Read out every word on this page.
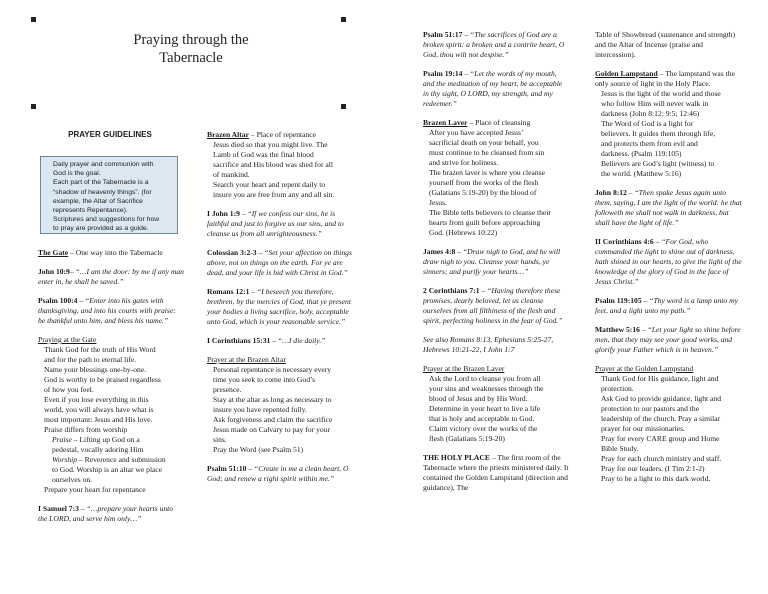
Praying through the
Tabernacle
PRAYER GUIDELINES
Daily prayer and communion with
God is the goal.
Each part of the Tabernacle is a
“shadow of heavenly things”. (for
example, the Altar of Sacrifice
represents Repentance).
Scriptures and suggestions for how
to pray are provided as a guide.

The Gate – One way into the Tabernacle

John 10:9– “…I am the door: by me if any man enter in, he shall be saved.”

Psalm 100:4 – “Enter into his gates with thanksgiving, and into his courts with praise: be thankful unto him, and bless his name.”

Praying at the Gate

Thank God for the truth of His Word
and for the path to eternal life.
Name your blessings one-by-one.
God is worthy to be praised regardless
of how you feel.
Even if you lose everything in this
world, you will always have what is
most important: Jesus and His love.
Praise differs from worship
Praise – Lifting up God on a
pedestal, vocally adoring Him
Worship – Reverence and submission
to God. Worship is an altar we place
ourselves on.
Prepare your heart for repentance

I Samuel 7:3 – “…prepare your hearts unto the LORD, and serve him only…”

Brazen Altar – Place of repentance

Jesus died so that you might live. The
Lamb of God was the final blood
sacrifice and His blood was shed for all
of mankind.
Search your heart and repent daily to
insure you are free from any and all sin.

I John 1:9 – “If we confess our sins, he is faithful and just to forgive us our sins, and to cleanse us from all unrighteousness.”

Colossian 3:2-3 – “Set your affection on things above, not on things on the earth. For ye are dead, and your life is hid with Christ in God.”

Romans 12:1 – “I beseech you therefore, brethren, by the mercies of God, that ye present your bodies a living sacrifice, holy, acceptable unto God, which is your reasonable service.”

I Corinthians 15:31 – “…I die daily.”

Prayer at the Brazen Altar

Personal repentance is necessary every
time you seek to come into God’s
presence.
Stay at the altar as long as necessary to
insure you have repented fully.
Ask forgiveness and claim the sacrifice
Jesus made on Calvary to pay for your
sins.
Pray the Word (see Psalm 51)

Psalm 51:10 – “Create in me a clean heart, O God; and renew a right spirit within me.”

Psalm 51:17 – “The sacrifices of God are a broken spirit: a broken and a contrite heart, O God, thou wilt not despise.”

Psalm 19:14 – “Let the words of my mouth, and the meditation of my heart, be acceptable in thy sight, O LORD, my strength, and my redeemer.”

Brazen Laver – Place of cleansing

After you have accepted Jesus’
sacrificial death on your behalf, you
must continue to be cleansed from sin
and strive for holiness.
The brazen laver is where you cleanse
yourself from the works of the flesh
(Galatians 5:19-20) by the blood of
Jesus.
The Bible tells believers to cleanse their
hearts from guilt before approaching
God. (Hebrews 10:22)

James 4:8 – “Draw nigh to God, and he will draw nigh to you. Cleanse your hands, ye sinners; and purify your hearts…”

2 Corinthians 7:1 – “Having therefore these promises, dearly beloved, let us cleanse ourselves from all filthiness of the flesh and spirit, perfecting holiness in the fear of God.”

See also Romans 8:13, Ephesians 5:25-27, Hebrews 10:21-22, I John 1:7

Prayer at the Brazen Laver

Ask the Lord to cleanse you from all
your sins and weaknesses through the
blood of Jesus and by His Word.
Determine in your heart to live a life
that is holy and acceptable to God.
Claim victory over the works of the
flesh (Galatians 5:19-20)

THE HOLY PLACE – The first room of the Tabernacle where the priests ministered daily. It contained the Golden Lampstand (direction and guidance), The

Table of Showbread (sustenance and strength) and the Altar of Incense (praise and intercession).

Golden Lampstand – The lampstand was the only source of light in the Holy Place.

Jesus is the light of the world and those
who follow Him will never walk in
darkness (John 8:12; 9:5; 12:46)
The Word of God is a light for
believers. It guides them through life,
and protects them from evil and
darkness. (Psalm 119:105)
Believers are God’s light (witness) to
the world. (Matthew 5:16)

John 8:12 – “Then spake Jesus again unto them, saying, I am the light of the world: he that followeth me shall not walk in darkness, but shall have the light of life.”

II Corinthians 4:6 – “For God, who commanded the light to shine out of darkness, hath shined in our hearts, to give the light of the knowledge of the glory of God in the face of Jesus Christ.”

Psalm 119:105 – “Thy word is a lamp unto my feet, and a light unto my path.”

Matthew 5:16 – “Let your light so shine before men, that they may see your good works, and glorify your Father which is in heaven.”

Prayer at the Golden Lampstand

Thank God for His guidance, light and
protection.
Ask God to provide guidance, light and
protection to our pastors and the
leadership of the church. Pray a similar
prayer for our missionaries.
Pray for every CARE group and Home
Bible Study.
Pray for each church ministry and staff.
Pray for our leaders. (I Tim 2:1-2)
Pray to be a light to this dark world.
